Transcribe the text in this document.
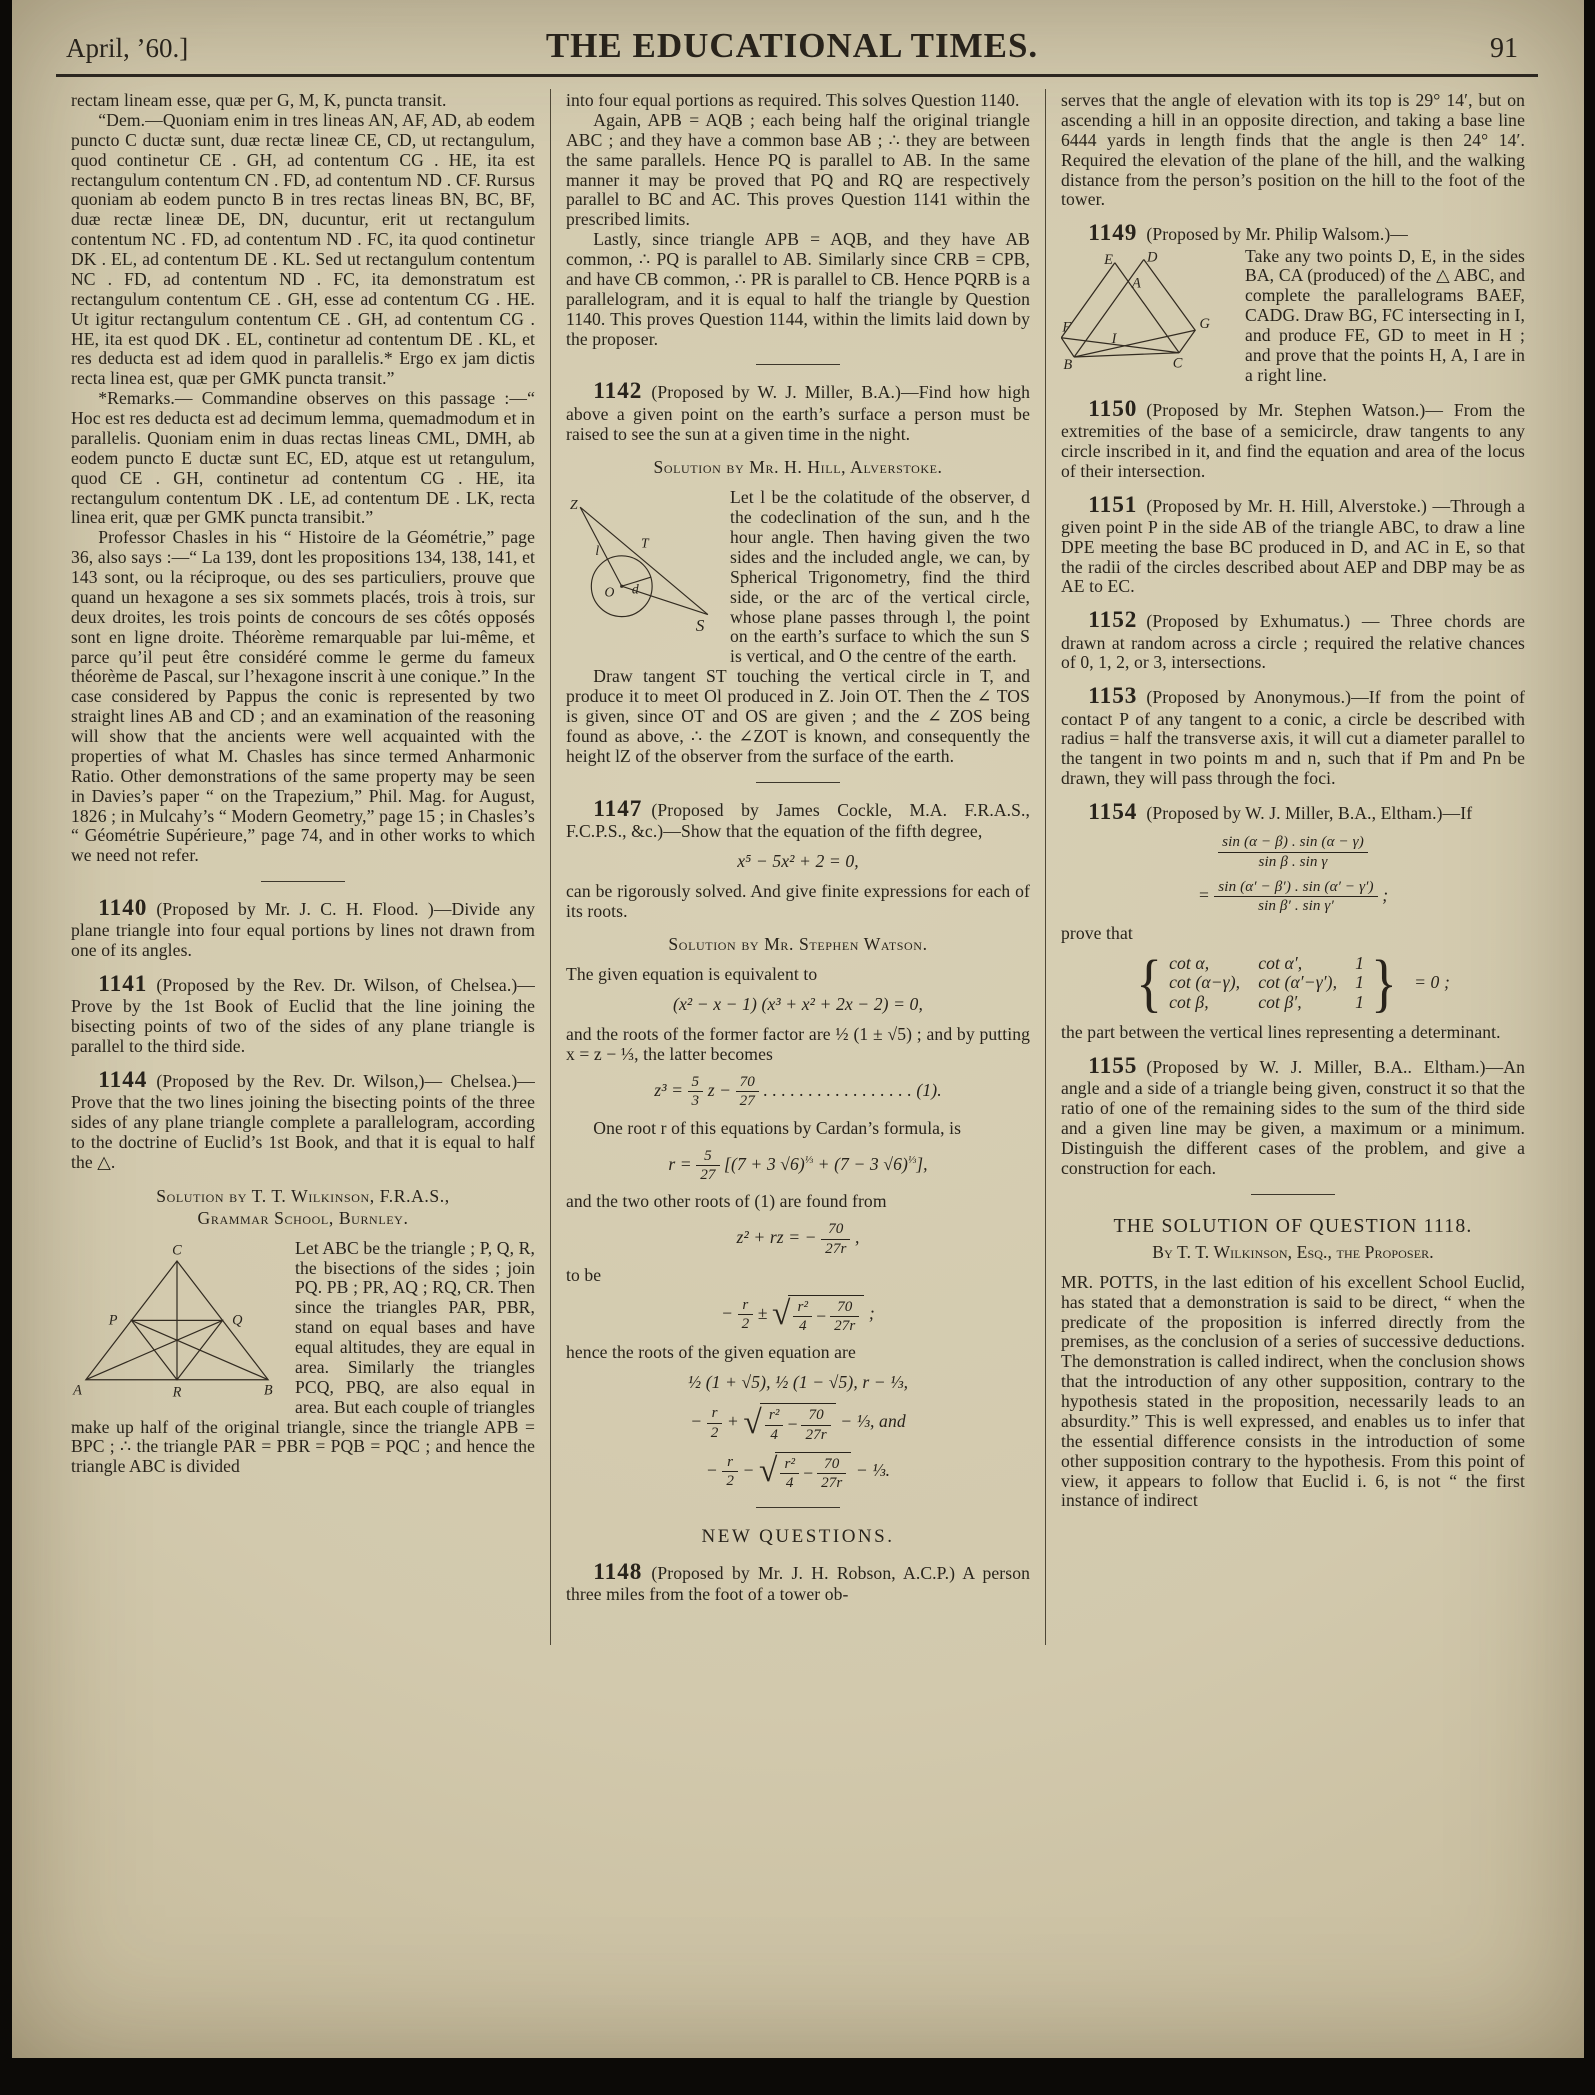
April, ’60.]	THE EDUCATIONAL TIMES.	91

rectam lineam esse, quæ per G, M, K, puncta transit.

“Dem.—Quoniam enim in tres lineas AN, AF, AD, ab eodem puncto C ductæ sunt, duæ rectæ lineæ CE, CD, ut rectangulum, quod continetur CE . GH, ad contentum CG . HE, ita est rectangulum contentum CN . FD, ad contentum ND . CF. Rursus quoniam ab eodem puncto B in tres rectas lineas BN, BC, BF, duæ rectæ lineæ DE, DN, ducuntur, erit ut rectangulum contentum NC . FD, ad contentum ND . FC, ita quod continetur DK . EL, ad contentum DE . KL. Sed ut rectangulum contentum NC . FD, ad contentum ND . FC, ita demonstratum est rectangulum contentum CE . GH, esse ad contentum CG . HE. Ut igitur rectangulum contentum CE . GH, ad contentum CG . HE, ita est quod DK . EL, continetur ad contentum DE . KL, et res deducta est ad idem quod in parallelis.* Ergo ex jam dictis recta linea est, quæ per GMK puncta transit.”

*Remarks.— Commandine observes on this passage :—“ Hoc est res deducta est ad decimum lemma, quemadmodum et in parallelis. Quoniam enim in duas rectas lineas CML, DMH, ab eodem puncto E ductæ sunt EC, ED, atque est ut retangulum, quod CE . GH, continetur ad contentum CG . HE, ita rectangulum contentum DK . LE, ad contentum DE . LK, recta linea erit, quæ per GMK puncta transibit.”

Professor Chasles in his “ Histoire de la Géométrie,” page 36, also says :—“ La 139, dont les propositions 134, 138, 141, et 143 sont, ou la réciproque, ou des ses particuliers, prouve que quand un hexagone a ses six sommets placés, trois à trois, sur deux droites, les trois points de concours de ses côtés opposés sont en ligne droite. Théorème remarquable par lui-même, et parce qu’il peut être considéré comme le germe du fameux théorème de Pascal, sur l’hexagone inscrit à une conique.” In the case considered by Pappus the conic is represented by two straight lines AB and CD ; and an examination of the reasoning will show that the ancients were well acquainted with the properties of what M. Chasles has since termed Anharmonic Ratio. Other demonstrations of the same property may be seen in Davies’s paper “ on the Trapezium,” Phil. Mag. for August, 1826 ; in Mulcahy’s “ Modern Geometry,” page 15 ; in Chasles’s “ Géométrie Supérieure,” page 74, and in other works to which we need not refer.

1140 (Proposed by Mr. J. C. H. Flood. )—Divide any plane triangle into four equal portions by lines not drawn from one of its angles.

1141 (Proposed by the Rev. Dr. Wilson, of Chelsea.)—Prove by the 1st Book of Euclid that the line joining the bisecting points of two of the sides of any plane triangle is parallel to the third side.

1144 (Proposed by the Rev. Dr. Wilson,)— Chelsea.)—Prove that the two lines joining the bisecting points of the three sides of any plane triangle complete a parallelogram, according to the doctrine of Euclid’s 1st Book, and that it is equal to half the △.

Solution by T. T. Wilkinson, F.R.A.S.,
Grammar School, Burnley.

C
P	Q
A	R	B
Let ABC be the triangle ; P, Q, R, the bisections of the sides ; join PQ. PB ; PR, AQ ; RQ, CR. Then since the triangles PAR, PBR, stand on equal bases and have equal altitudes, they are equal in area. Similarly the triangles PCQ, PBQ, are also equal in area. But each couple of triangles make up half of the original triangle, since the triangle APB = BPC ; ∴ the triangle PAR = PBR = PQB = PQC ; and hence the triangle ABC is divided

into four equal portions as required. This solves Question 1140.

Again, APB = AQB ; each being half the original triangle ABC ; and they have a common base AB ; ∴ they are between the same parallels. Hence PQ is parallel to AB. In the same manner it may be proved that PQ and RQ are respectively parallel to BC and AC. This proves Question 1141 within the prescribed limits.

Lastly, since triangle APB = AQB, and they have AB common, ∴ PQ is parallel to AB. Similarly since CRB = CPB, and have CB common, ∴ PR is parallel to CB. Hence PQRB is a parallelogram, and it is equal to half the triangle by Question 1140. This proves Question 1144, within the limits laid down by the proposer.

1142 (Proposed by W. J. Miller, B.A.)—Find how high above a given point on the earth’s surface a person must be raised to see the sun at a given time in the night.

Solution by Mr. H. Hill, Alverstoke.

Z
T
l
O d
S
Let l be the colatitude of the observer, d the codeclination of the sun, and h the hour angle. Then having given the two sides and the included angle, we can, by Spherical Trigonometry, find the third side, or the arc of the vertical circle, whose plane passes through l, the point on the earth’s surface to which the sun S is vertical, and O the centre of the earth.

Draw tangent ST touching the vertical circle in T, and produce it to meet Ol produced in Z. Join OT. Then the ∠ TOS is given, since OT and OS are given ; and the ∠ ZOS being found as above, ∴ the ∠ZOT is known, and consequently the height lZ of the observer from the surface of the earth.

1147 (Proposed by James Cockle, M.A. F.R.A.S., F.C.P.S., &c.)—Show that the equation of the fifth degree,

x⁵ − 5x² + 2 = 0,

can be rigorously solved. And give finite expressions for each of its roots.

Solution by Mr. Stephen Watson.

The given equation is equivalent to

(x² − x − 1) (x³ + x² + 2x − 2) = 0,

and the roots of the former factor are ½ (1 ± √5) ; and by putting x = z − ⅓, the latter becomes

$z^3 = \frac{5}{3}$ $z - \frac{70}{27}$ . . . . . . . . . . . . . . . . . (1).

One root r of this equations by Cardan’s formula, is

$r = \frac{5}{27} [(7 + 3$ √6)$^{\frac{1}{3}}$ + (7 − 3 √6)$^{\frac{1}{3}}$],

and the two other roots of (1) are found from

z² + rz = − $\frac{70}{27r}$ ,

to be

− $\frac{r}{2}$ ± √ $\frac{\text{r²}}{4} - \frac{70}{27r}$ ;

hence the roots of the given equation are

½ (1 + √5), ½ (1 − √5), r − ⅓,
− $\frac{r}{2}$ + √ $\frac{\text{r²}}{4} - \frac{70}{27r}$ − ⅓, and
− $\frac{r}{2}$ − √ $\frac{\text{r²}}{4} - \frac{70}{27r}$ − ⅓.
NEW QUESTIONS.

1148 (Proposed by Mr. J. H. Robson, A.C.P.) A person three miles from the foot of a tower ob-

serves that the angle of elevation with its top is 29° 14′, but on ascending a hill in an opposite direction, and taking a base line 6444 yards in length finds that the angle is then 24° 14′. Required the elevation of the plane of the hill, and the walking distance from the person’s position on the hill to the foot of the tower.

1149 (Proposed by Mr. Philip Walsom.)—

E	D
A
F
I
B
G
C
Take any two points D, E, in the sides BA, CA (produced) of the △ ABC, and complete the parallelograms BAEF, CADG. Draw BG, FC intersecting in I, and produce FE, GD to meet in H ; and prove that the points H, A, I are in a right line.

1150 (Proposed by Mr. Stephen Watson.)— From the extremities of the base of a semicircle, draw tangents to any circle inscribed in it, and find the equation and area of the locus of their intersection.

1151 (Proposed by Mr. H. Hill, Alverstoke.) —Through a given point P in the side AB of the triangle ABC, to draw a line DPE meeting the base BC produced in D, and AC in E, so that the radii of the circles described about AEP and DBP may be as AE to EC.

1152 (Proposed by Exhumatus.) — Three chords are drawn at random across a circle ; required the relative chances of 0, 1, 2, or 3, intersections.

1153 (Proposed by Anonymous.)—If from the point of contact P of any tangent to a conic, a circle be described with radius = half the transverse axis, it will cut a diameter parallel to the tangent in two points m and n, such that if Pm and Pn be drawn, they will pass through the foci.

1154 (Proposed by W. J. Miller, B.A., Eltham.)—If

$\frac{\sin (\alpha - \beta) . \sin (\alpha - \gamma)}{\text{sin β . sin γ}}$
= $\frac{\sin (\alpha' - \beta') . \sin (\alpha' - \gamma')}{\text{sin β′ . sin γ′}}$ ;

prove that

{ cot α,	cot α′,	1
cot (α−γ), cot (α′−γ′), 1
cot β,	cot β′,	1 } = 0 ;

the part between the vertical lines representing a determinant.

1155 (Proposed by W. J. Miller, B.A.. Eltham.)—An angle and a side of a triangle being given, construct it so that the ratio of one of the remaining sides to the sum of the third side and a given line may be given, a maximum or a minimum. Distinguish the different cases of the problem, and give a construction for each.

THE SOLUTION OF QUESTION 1118.
By T. T. Wilkinson, Esq., the Proposer.

MR. POTTS, in the last edition of his excellent School Euclid, has stated that a demonstration is said to be direct, “ when the predicate of the proposition is inferred directly from the premises, as the conclusion of a series of successive deductions. The demonstration is called indirect, when the conclusion shows that the introduction of any other supposition, contrary to the hypothesis stated in the proposition, necessarily leads to an absurdity.” This is well expressed, and enables us to infer that the essential difference consists in the introduction of some other supposition contrary to the hypothesis. From this point of view, it appears to follow that Euclid i. 6, is not “ the first instance of indirect
